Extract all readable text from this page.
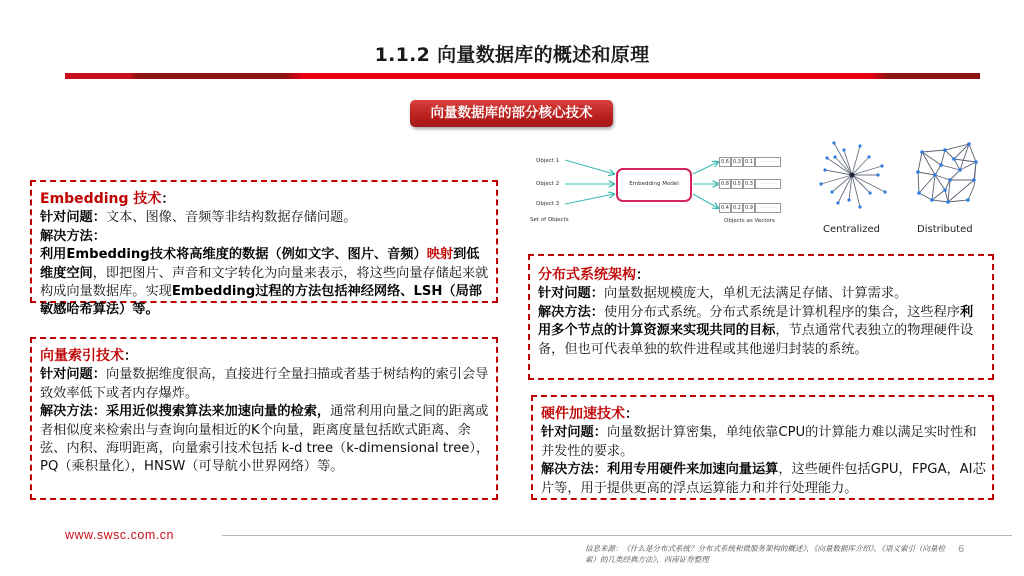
1.1.2 向量数据库的概述和原理
向量数据库的部分核心技术
Object 1
Object 2
Object 3
Set of Objects
Embedding Model
0.6 0.3 0.1	- - - - -
0.8 0.5 0.3	- - - - -
0.4 0.2 0.9	- - - - -
Objects as Vectors
Centralized	Distributed
Embedding 技术：
针对问题：文本、图像、音频等非结构数据存储问题。
解决方法：利用Embedding技术将高维度的数据（例如文字、图片、音频）映射到低维度空间，即把图片、声音和文字转化为向量来表示，将这些向量存储起来就构成向量数据库。实现Embedding过程的方法包括神经网络、LSH（局部敏感哈希算法）等。
向量索引技术：
针对问题：向量数据维度很高，直接进行全量扫描或者基于树结构的索引会导致效率低下或者内存爆炸。
解决方法：采用近似搜索算法来加速向量的检索，通常利用向量之间的距离或者相似度来检索出与查询向量相近的K个向量，距离度量包括欧式距离、余弦、内积、海明距离，向量索引技术包括 k-d tree（k-dimensional tree），PQ（乘积量化），HNSW（可导航小世界网络）等。
分布式系统架构：
针对问题：向量数据规模庞大，单机无法满足存储、计算需求。
解决方法：使用分布式系统。分布式系统是计算机程序的集合，这些程序利用多个节点的计算资源来实现共同的目标，节点通常代表独立的物理硬件设备，但也可代表单独的软件进程或其他递归封装的系统。
硬件加速技术：
针对问题：向量数据计算密集，单纯依靠CPU的计算能力难以满足实时性和并发性的要求。
解决方法：利用专用硬件来加速向量运算，这些硬件包括GPU，FPGA，AI芯片等，用于提供更高的浮点运算能力和并行处理能力。
www.swsc.com.cn
信息来源：《什么是分布式系统？分布式系统和微服务架构的概述》，《向量数据库介绍》，《语义索引（向量检索）的几类经典方法》，西南证券整理
6
